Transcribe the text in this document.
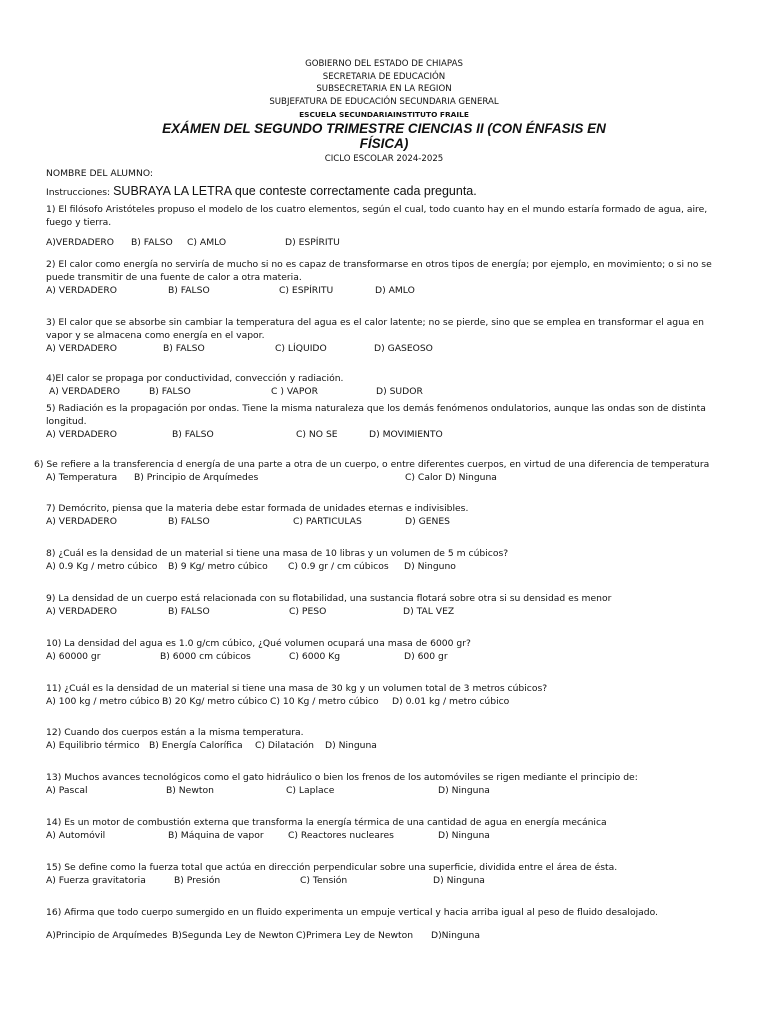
GOBIERNO DEL ESTADO DE CHIAPAS
SECRETARIA DE EDUCACIÓN
SUBSECRETARIA EN LA REGION
SUBJEFATURA DE EDUCACIÓN SECUNDARIA GENERAL
ESCUELA SECUNDARIAINSTITUTO FRAILE
EXÁMEN DEL SEGUNDO TRIMESTRE CIENCIAS II (CON ÉNFASIS EN
FÍSICA)
CICLO ESCOLAR 2024-2025
NOMBRE DEL ALUMNO:
Instrucciones: SUBRAYA LA LETRA que conteste correctamente cada pregunta.
1) El filósofo Aristóteles propuso el modelo de los cuatro elementos, según el cual, todo cuanto hay en el mundo estaría formado de agua, aire, fuego y tierra.
A)VERDADERO B) FALSO C) AMLO	D) ESPÍRITU
2) El calor como energía no serviría de mucho si no es capaz de transformarse en otros tipos de energía; por ejemplo, en movimiento; o si no se puede transmitir de una fuente de calor a otra materia.
A) VERDADERO	B) FALSO	C) ESPÍRITU	D) AMLO
3) El calor que se absorbe sin cambiar la temperatura del agua es el calor latente; no se pierde, sino que se emplea en transformar el agua en vapor y se almacena como energía en el vapor.
A) VERDADERO	B) FALSO	C) LÍQUIDO	D) GASEOSO
4)El calor se propaga por conductividad, convección y radiación.
A) VERDADERO	B) FALSO	C ) VAPOR	D) SUDOR
5) Radiación es la propagación por ondas. Tiene la misma naturaleza que los demás fenómenos ondulatorios, aunque las ondas son de distinta longitud.
A) VERDADERO	B) FALSO	C) NO SE	D) MOVIMIENTO
6) Se refiere a la transferencia d energía de una parte a otra de un cuerpo, o entre diferentes cuerpos, en virtud de una diferencia de temperatura
A) Temperatura B) Principio de Arquímedes	C) Calor D) Ninguna
7) Demócrito, piensa que la materia debe estar formada de unidades eternas e indivisibles.
A) VERDADERO	B) FALSO	C) PARTICULAS	D) GENES
8) ¿Cuál es la densidad de un material si tiene una masa de 10 libras y un volumen de 5 m cúbicos?
A) 0.9 Kg / metro cúbico B) 9 Kg/ metro cúbico C) 0.9 gr / cm cúbicos D) Ninguno
9) La densidad de un cuerpo está relacionada con su flotabilidad, una sustancia flotará sobre otra si su densidad es menor
A) VERDADERO	B) FALSO	C) PESO	D) TAL VEZ
10) La densidad del agua es 1.0 g/cm cúbico, ¿Qué volumen ocupará una masa de 6000 gr?
A) 60000 gr	B) 6000 cm cúbicos	C) 6000 Kg	D) 600 gr
11) ¿Cuál es la densidad de un material si tiene una masa de 30 kg y un volumen total de 3 metros cúbicos?
A) 100 kg / metro cúbico B) 20 Kg/ metro cúbico C) 10 Kg / metro cúbico D) 0.01 kg / metro cúbico
12) Cuando dos cuerpos están a la misma temperatura.
A) Equilibrio térmico B) Energía Calorífica C) Dilatación D) Ninguna
13) Muchos avances tecnológicos como el gato hidráulico o bien los frenos de los automóviles se rigen mediante el principio de:
A) Pascal	B) Newton	C) Laplace	D) Ninguna
14) Es un motor de combustión externa que transforma la energía térmica de una cantidad de agua en energía mecánica
A) Automóvil	B) Máquina de vapor	C) Reactores nucleares	D) Ninguna
15) Se define como la fuerza total que actúa en dirección perpendicular sobre una superficie, dividida entre el área de ésta.
A) Fuerza gravitatoria	B) Presión	C) Tensión	D) Ninguna
16) Afirma que todo cuerpo sumergido en un fluido experimenta un empuje vertical y hacia arriba igual al peso de fluido desalojado.
A)Principio de Arquímedes B)Segunda Ley de Newton C)Primera Ley de Newton D)Ninguna
